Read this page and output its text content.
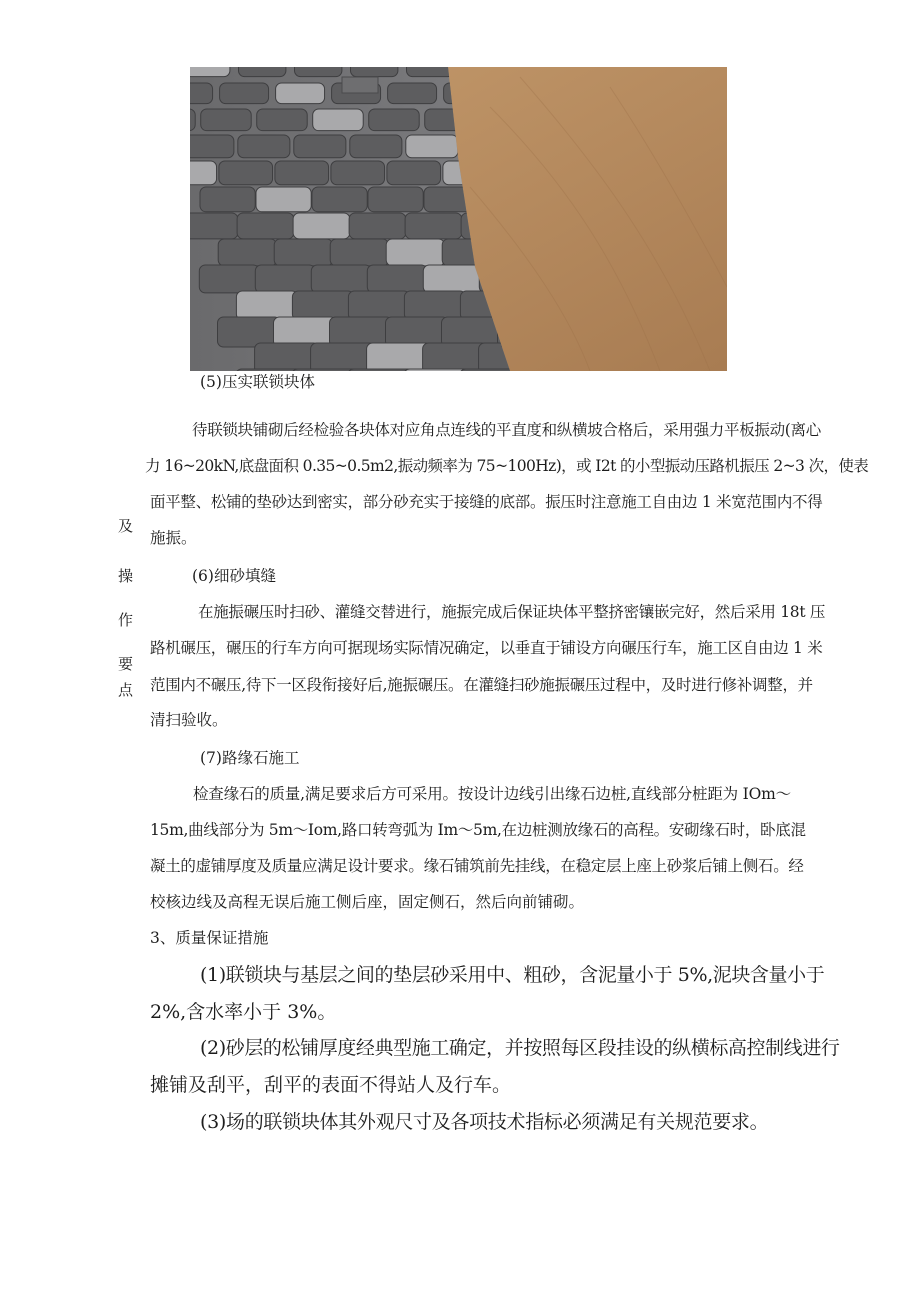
及
操
作
要
点
(5)压实联锁块体
待联锁块铺砌后经检验各块体对应角点连线的平直度和纵横坡合格后，采用强力平板振动(离心
力 16~20kN,底盘面积 0.35~0.5m2,振动频率为 75~100Hz)，或 I2t 的小型振动压路机振压 2~3 次，使表
面平整、松铺的垫砂达到密实，部分砂充实于接缝的底部。振压时注意施工自由边 1 米宽范围内不得
施振。
(6)细砂填缝
在施振碾压时扫砂、灌缝交替进行，施振完成后保证块体平整挤密镶嵌完好，然后采用 18t 压
路机碾压，碾压的行车方向可据现场实际情况确定，以垂直于铺设方向碾压行车，施工区自由边 1 米
范围内不碾压,待下一区段衔接好后,施振碾压。在灌缝扫砂施振碾压过程中，及时进行修补调整，并
清扫验收。
(7)路缘石施工
检查缘石的质量,满足要求后方可采用。按设计边线引出缘石边桩,直线部分桩距为 IOm～
15m,曲线部分为 5m～Iom,路口转弯弧为 Im～5m,在边桩测放缘石的高程。安砌缘石时，卧底混
凝土的虚铺厚度及质量应满足设计要求。缘石铺筑前先挂线，在稳定层上座上砂浆后铺上侧石。经
校核边线及高程无误后施工侧后座，固定侧石，然后向前铺砌。
3、质量保证措施
(1)联锁块与基层之间的垫层砂采用中、粗砂，含泥量小于 5%,泥块含量小于
2%,含水率小于 3%。
(2)砂层的松铺厚度经典型施工确定，并按照每区段挂设的纵横标高控制线进行
摊铺及刮平，刮平的表面不得站人及行车。
(3)场的联锁块体其外观尺寸及各项技术指标必须满足有关规范要求。
